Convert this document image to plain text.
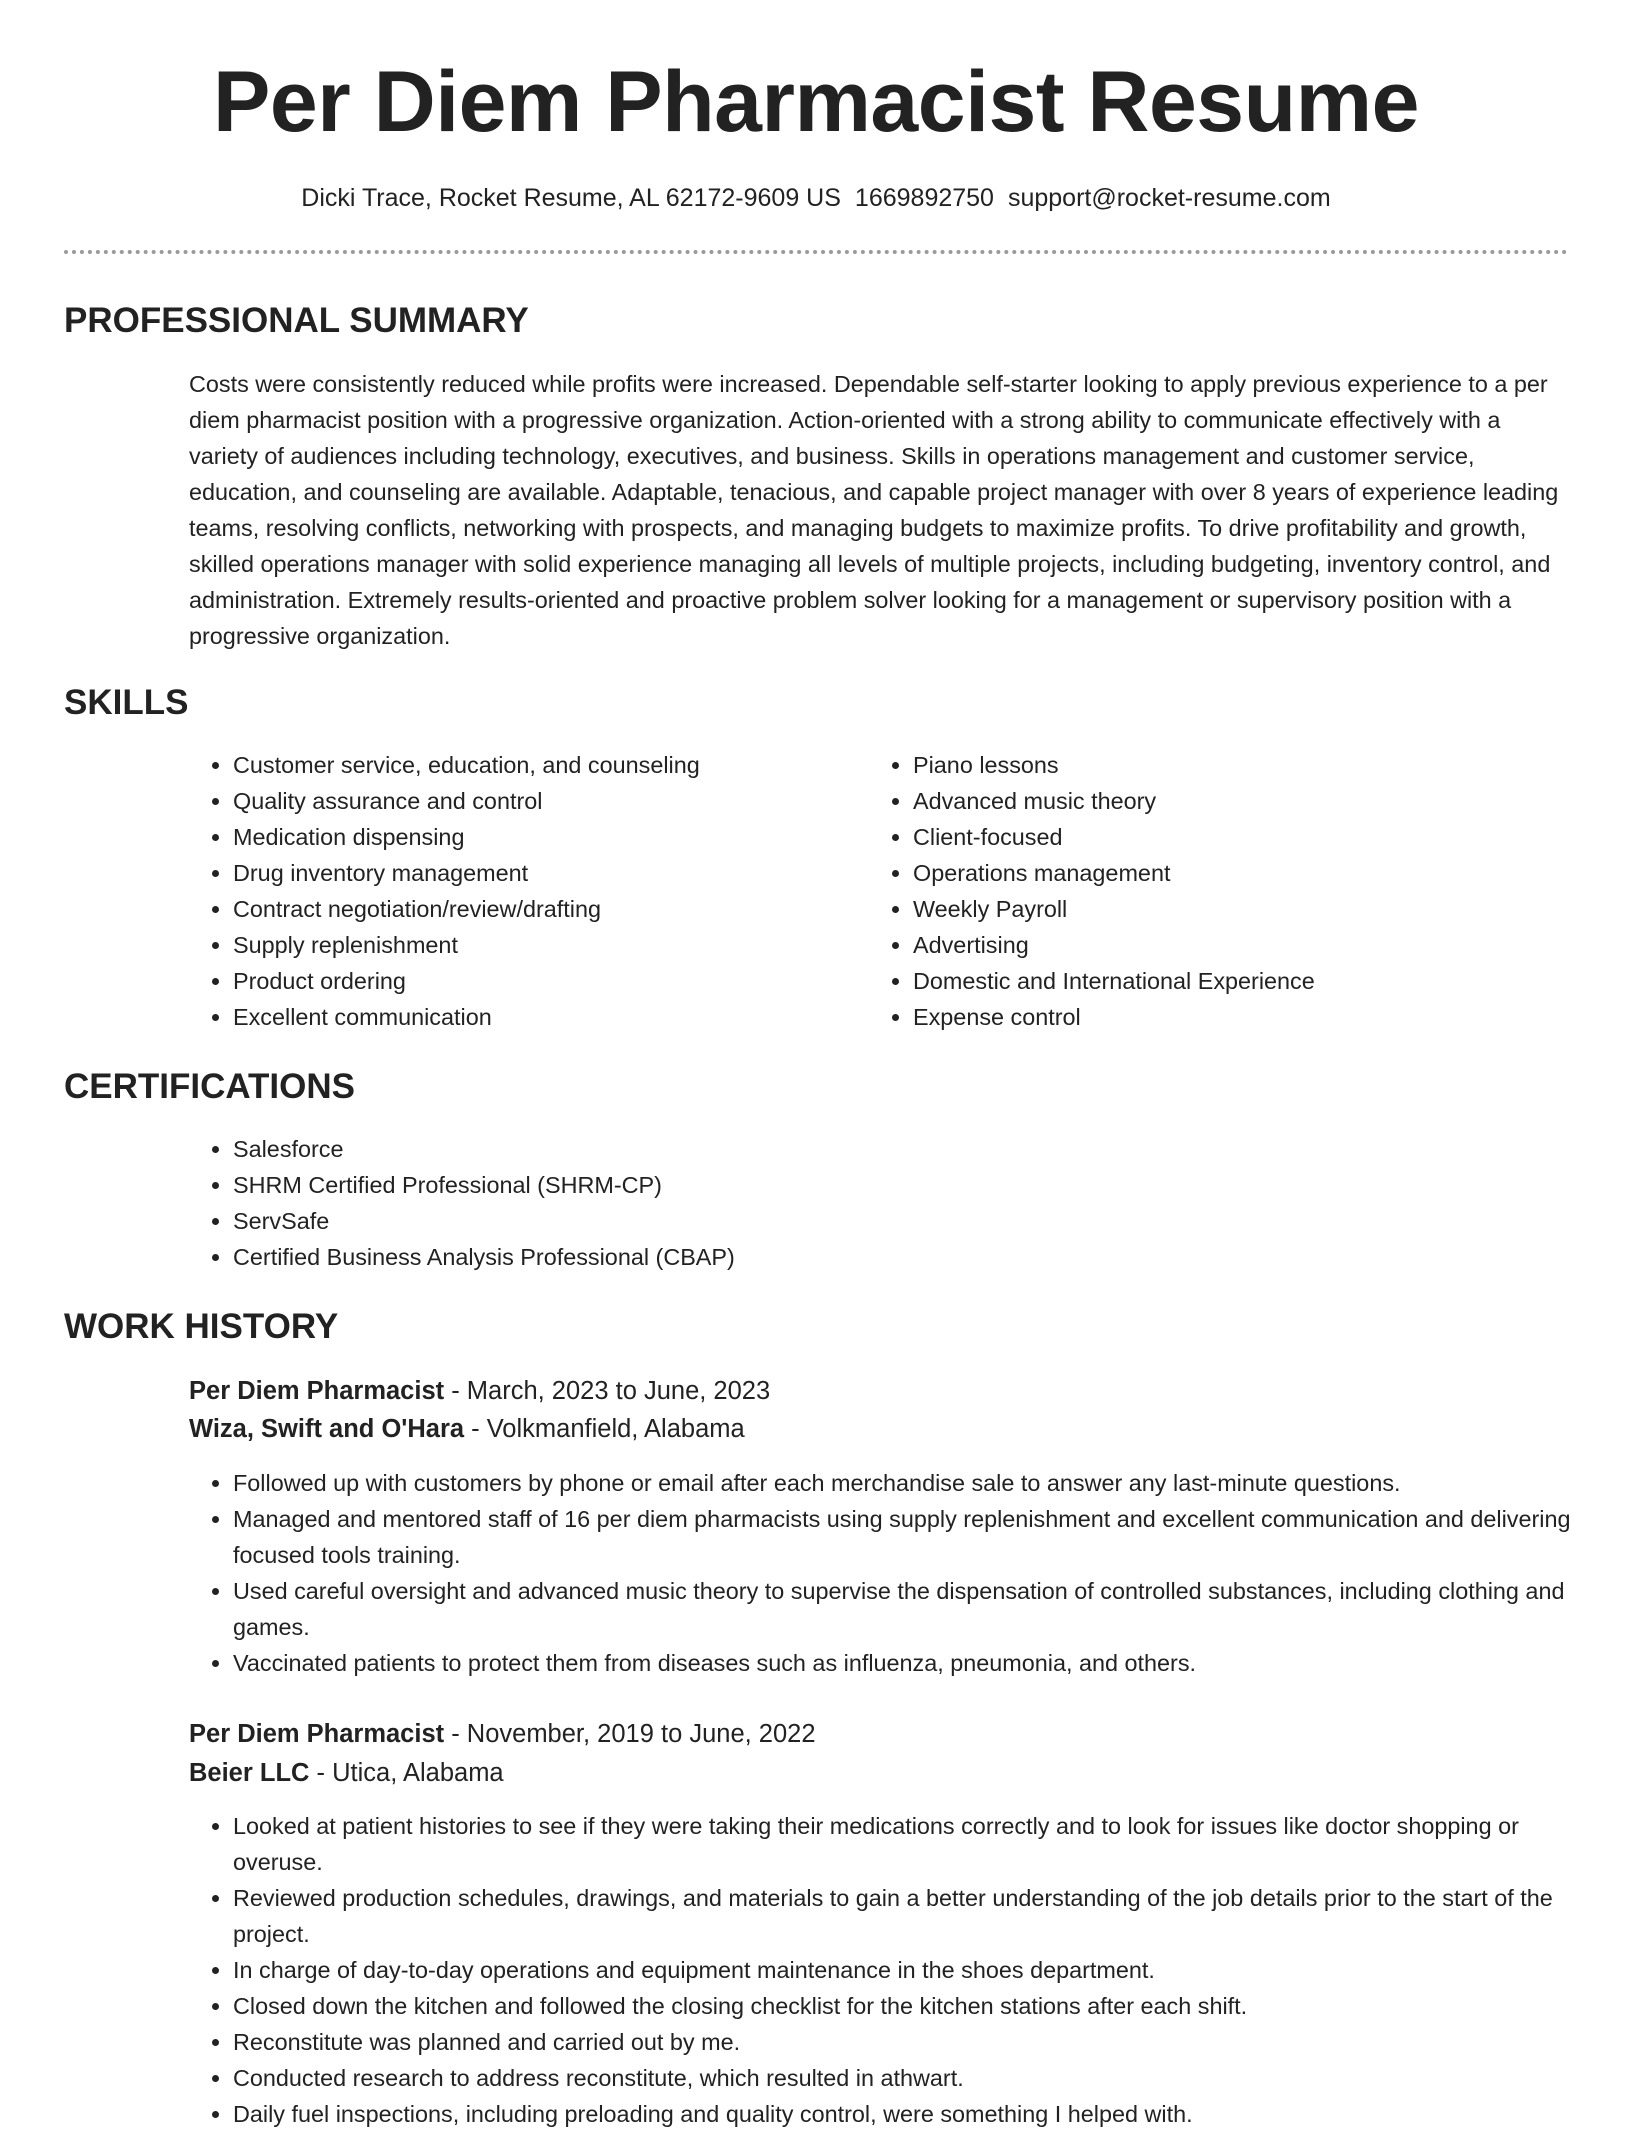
Per Diem Pharmacist Resume
Dicki Trace, Rocket Resume, AL 62172-9609 US 1669892750 support@rocket-resume.com
PROFESSIONAL SUMMARY

Costs were consistently reduced while profits were increased. Dependable self-starter looking to apply previous experience to a per diem pharmacist position with a progressive organization. Action-oriented with a strong ability to communicate effectively with a variety of audiences including technology, executives, and business. Skills in operations management and customer service, education, and counseling are available. Adaptable, tenacious, and capable project manager with over 8 years of experience leading teams, resolving conflicts, networking with prospects, and managing budgets to maximize profits. To drive profitability and growth, skilled operations manager with solid experience managing all levels of multiple projects, including budgeting, inventory control, and administration. Extremely results-oriented and proactive problem solver looking for a management or supervisory position with a progressive organization.

SKILLS
• Customer service, education, and counseling
• Quality assurance and control
• Medication dispensing
• Drug inventory management
• Contract negotiation/review/drafting
• Supply replenishment
• Product ordering
• Excellent communication
• Piano lessons
• Advanced music theory
• Client-focused
• Operations management
• Weekly Payroll
• Advertising
• Domestic and International Experience
• Expense control
CERTIFICATIONS
• Salesforce
• SHRM Certified Professional (SHRM-CP)
• ServSafe
• Certified Business Analysis Professional (CBAP)
WORK HISTORY
Per Diem Pharmacist - March, 2023 to June, 2023
Wiza, Swift and O'Hara - Volkmanfield, Alabama
• Followed up with customers by phone or email after each merchandise sale to answer any last-minute questions.
• Managed and mentored staff of 16 per diem pharmacists using supply replenishment and excellent communication and delivering focused tools training.
• Used careful oversight and advanced music theory to supervise the dispensation of controlled substances, including clothing and games.
• Vaccinated patients to protect them from diseases such as influenza, pneumonia, and others.
Per Diem Pharmacist - November, 2019 to June, 2022
Beier LLC - Utica, Alabama
• Looked at patient histories to see if they were taking their medications correctly and to look for issues like doctor shopping or overuse.
• Reviewed production schedules, drawings, and materials to gain a better understanding of the job details prior to the start of the project.
• In charge of day-to-day operations and equipment maintenance in the shoes department.
• Closed down the kitchen and followed the closing checklist for the kitchen stations after each shift.
• Reconstitute was planned and carried out by me.
• Conducted research to address reconstitute, which resulted in athwart.
• Daily fuel inspections, including preloading and quality control, were something I helped with.
